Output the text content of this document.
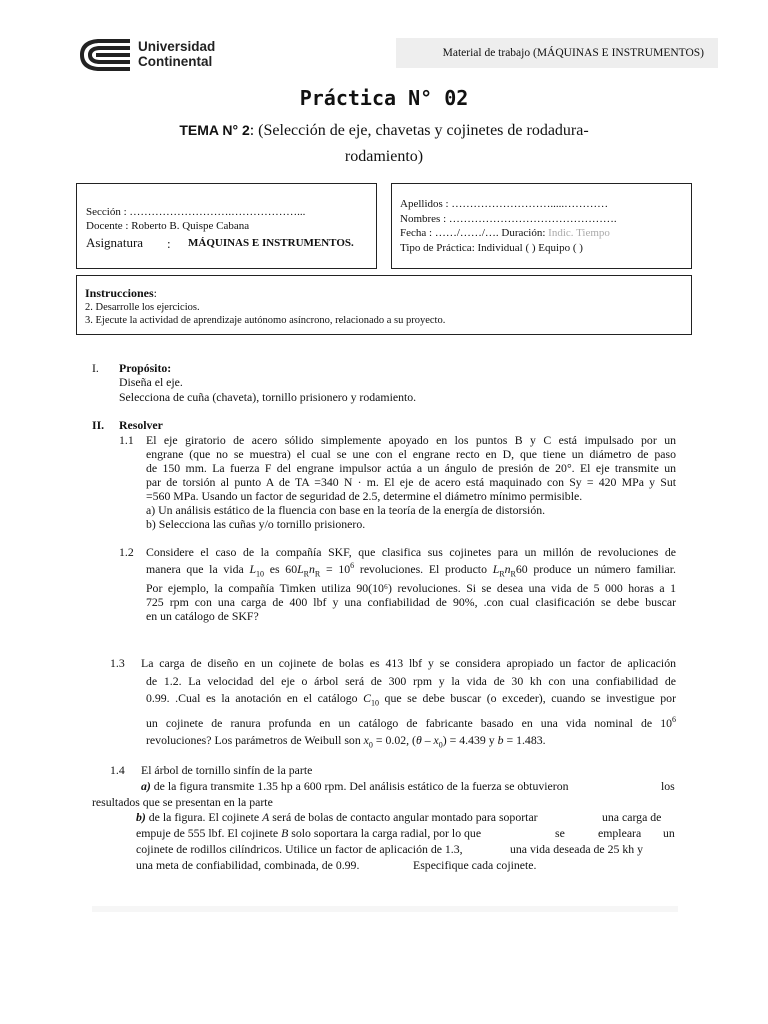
Universidad
Continental
Material de trabajo (MÁQUINAS E INSTRUMENTOS)
Práctica N° 02
TEMA N° 2: (Selección de eje, chavetas y cojinetes de rodadura-
rodamiento)
Sección : ……………………….………………...
Docente : Roberto B. Quispe Cabana
Asignatura : MÁQUINAS E INSTRUMENTOS.
Apellidos : ……………………….....…………
Nombres : ……………………………………….
Fecha : ……/……/…. Duración: Indic. Tiempo
Tipo de Práctica: Individual ( ) Equipo ( )
Instrucciones:
2. Desarrolle los ejercicios.
3. Ejecute la actividad de aprendizaje autónomo asíncrono, relacionado a su proyecto.
I. Propósito:
Diseña el eje.
Selecciona de cuña (chaveta), tornillo prisionero y rodamiento.
II. Resolver
1.1 El eje giratorio de acero sólido simplemente apoyado en los puntos B y C está impulsado por un
engrane (que no se muestra) el cual se une con el engrane recto en D, que tiene un diámetro de paso
de 150 mm. La fuerza F del engrane impulsor actúa a un ángulo de presión de 20°. El eje transmite un
par de torsión al punto A de TA =340 N · m. El eje de acero está maquinado con Sy = 420 MPa y Sut
=560 MPa. Usando un factor de seguridad de 2.5, determine el diámetro mínimo permisible.
a) Un análisis estático de la fluencia con base en la teoría de la energía de distorsión.
b) Selecciona las cuñas y/o tornillo prisionero.
1.2 Considere el caso de la compañía SKF, que clasifica sus cojinetes para un millón de revoluciones de
manera que la vida $L_{10}$ es $60L_Rn_R = 10^6$ revoluciones. El producto $L_Rn_R60$ produce un número familiar.
Por ejemplo, la compañía Timken utiliza 90(10⁶) revoluciones. Si se desea una vida de 5 000 horas a 1
725 rpm con una carga de 400 lbf y una confiabilidad de 90%, .con cual clasificación se debe buscar
en un catálogo de SKF?
1.3 La carga de diseño en un cojinete de bolas es 413 lbf y se considera apropiado un factor de aplicación
de 1.2. La velocidad del eje o árbol será de 300 rpm y la vida de 30 kh con una confiabilidad de
0.99. .Cual es la anotación en el catálogo $C_{10}$ que se debe buscar (o exceder), cuando se investigue por
un cojinete de ranura profunda en un catálogo de fabricante basado en una vida nominal de $10^6$
revoluciones? Los parámetros de Weibull son $x_0 = 0.02$, $(\theta - x_0) = 4.439$ y b = 1.483.
1.4 El árbol de tornillo sinfín de la parte
a) de la figura transmite 1.35 hp a 600 rpm. Del análisis estático de la fuerza se obtuvieron	los
resultados que se presentan en la parte
b) de la figura. El cojinete A será de bolas de contacto angular montado para soportar	una carga de
empuje de 555 lbf. El cojinete B solo soportara la carga radial, por lo que	se	empleara un
cojinete de rodillos cilíndricos. Utilice un factor de aplicación de 1.3,	una vida deseada de 25 kh y
una meta de confiabilidad, combinada, de 0.99.	Especifique cada cojinete.
